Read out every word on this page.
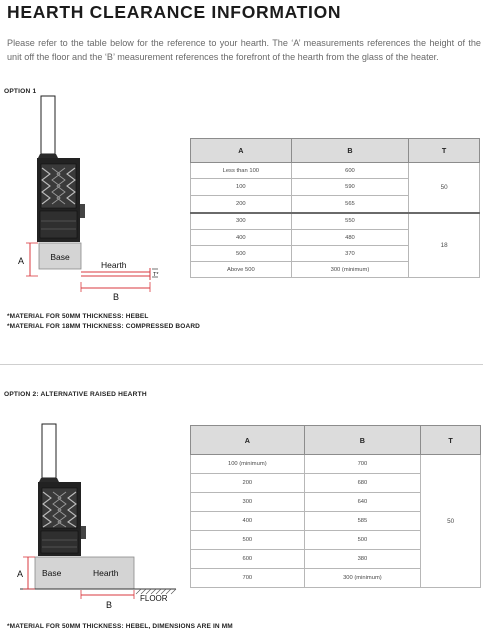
HEARTH CLEARANCE INFORMATION

Please refer to the table below for the reference to your hearth. The ‘A’ measurements references the height of the unit off the floor and the ‘B’ measurement references the forefront of the hearth from the glass of the heater.

OPTION 1
Base
Hearth
T*
A
B
A	B	T
Less than 100	600	50
100	590	
200	565	
300	550	18
400	480	
500	370	
Above 500	300 (minimum)	
*MATERIAL FOR 50MM THICKNESS: HEBEL
*MATERIAL FOR 18MM THICKNESS: COMPRESSED BOARD
OPTION 2: ALTERNATIVE RAISED HEARTH
Base	Hearth
FLOOR
A
B
A	B	T
100 (minimum)	700	50
200	680	
300	640	
400	585	
500	500	
600	380	
700	300 (minimum)	
*MATERIAL FOR 50MM THICKNESS: HEBEL, DIMENSIONS ARE IN MM
